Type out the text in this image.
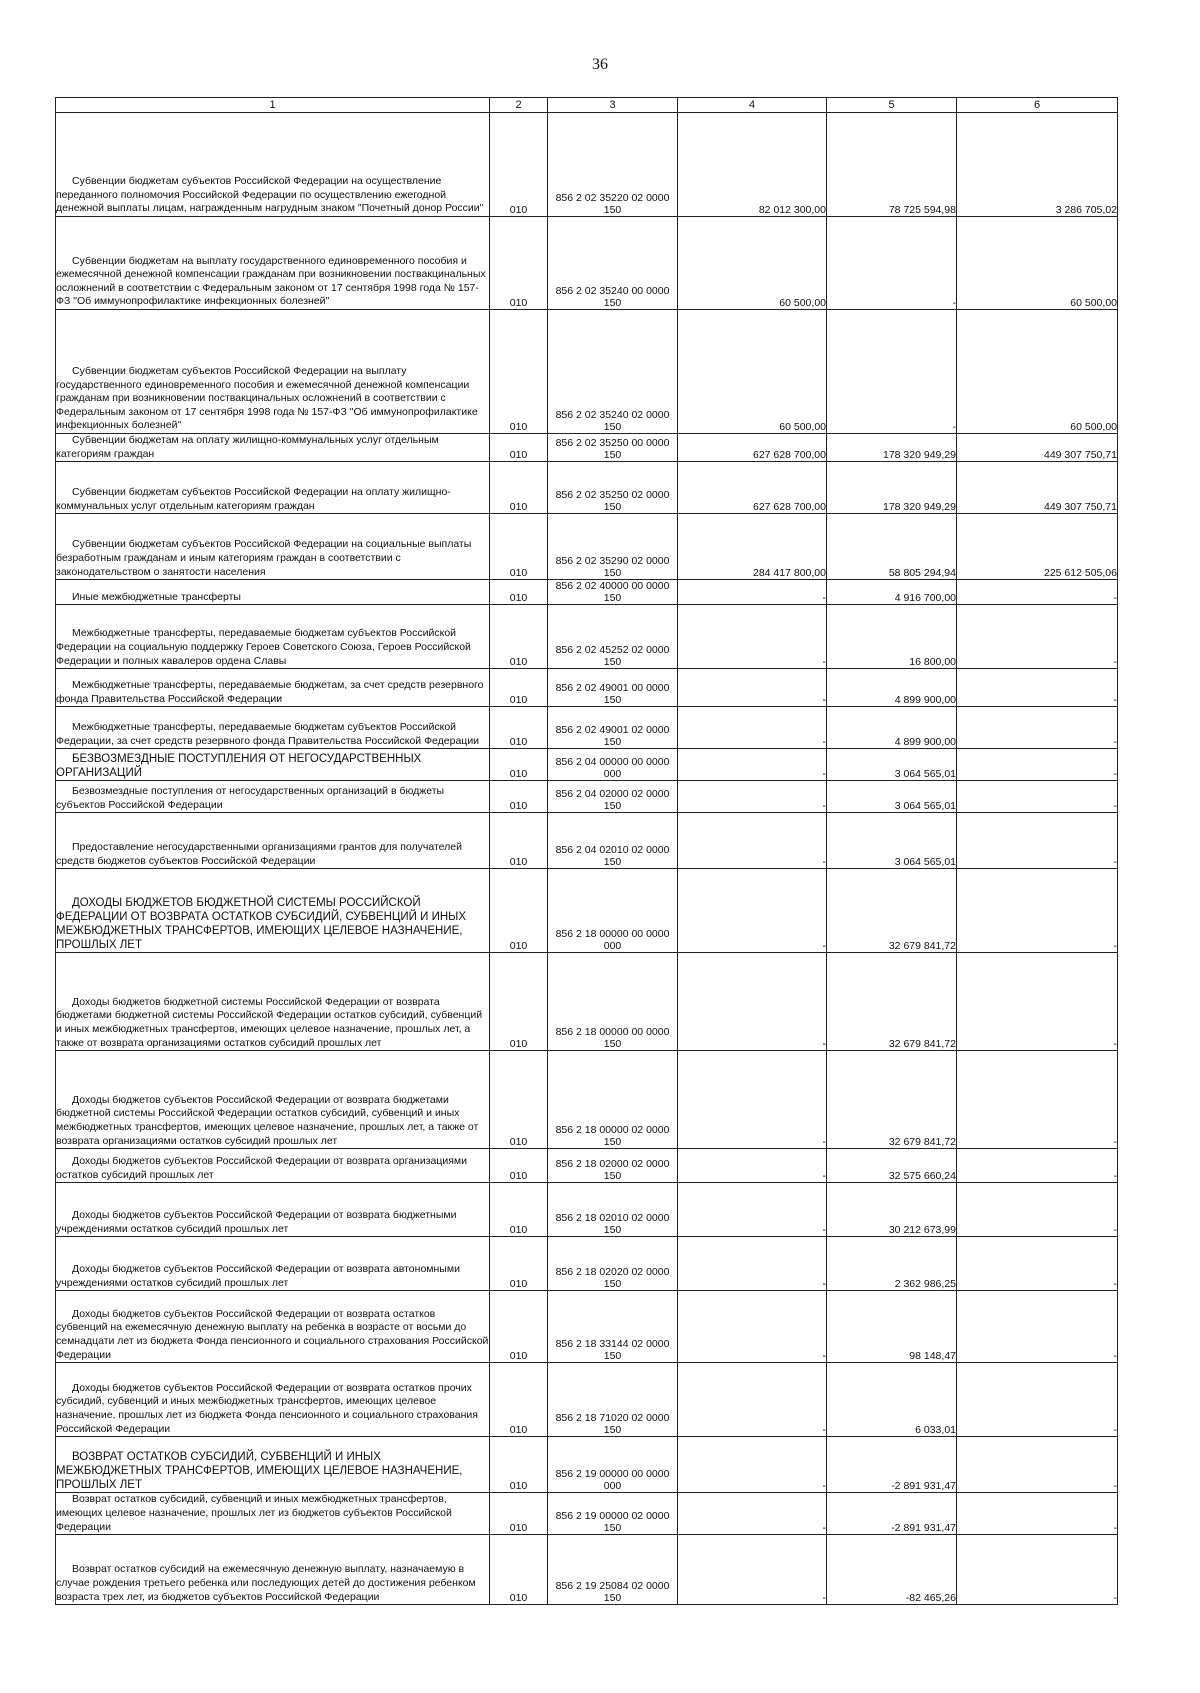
36
1	2	3	4	5	6
Субвенции бюджетам субъектов Российской Федерации на осуществление переданного полномочия Российской Федерации по осуществлению ежегодной денежной выплаты лицам, награжденным нагрудным знаком "Почетный донор России"	010	856 2 02 35220 02 0000 150	82 012 300,00	78 725 594,98	3 286 705,02
Субвенции бюджетам на выплату государственного единовременного пособия и ежемесячной денежной компенсации гражданам при возникновении поствакцинальных осложнений в соответствии с Федеральным законом от 17 сентября 1998 года № 157-ФЗ "Об иммунопрофилактике инфекционных болезней"	010	856 2 02 35240 00 0000 150	60 500,00	-	60 500,00
Субвенции бюджетам субъектов Российской Федерации на выплату государственного единовременного пособия и ежемесячной денежной компенсации гражданам при возникновении поствакцинальных осложнений в соответствии с Федеральным законом от 17 сентября 1998 года № 157-ФЗ "Об иммунопрофилактике инфекционных болезней"	010	856 2 02 35240 02 0000 150	60 500,00	-	60 500,00
Субвенции бюджетам на оплату жилищно-коммунальных услуг отдельным категориям граждан	010	856 2 02 35250 00 0000 150	627 628 700,00	178 320 949,29	449 307 750,71
Субвенции бюджетам субъектов Российской Федерации на оплату жилищно-коммунальных услуг отдельным категориям граждан	010	856 2 02 35250 02 0000 150	627 628 700,00	178 320 949,29	449 307 750,71
Субвенции бюджетам субъектов Российской Федерации на социальные выплаты безработным гражданам и иным категориям граждан в соответствии с законодательством о занятости населения	010	856 2 02 35290 02 0000 150	284 417 800,00	58 805 294,94	225 612 505,06
Иные межбюджетные трансферты	010	856 2 02 40000 00 0000 150	-	4 916 700,00	-
Межбюджетные трансферты, передаваемые бюджетам субъектов Российской Федерации на социальную поддержку Героев Советского Союза, Героев Российской Федерации и полных кавалеров ордена Славы	010	856 2 02 45252 02 0000 150	-	16 800,00	-
Межбюджетные трансферты, передаваемые бюджетам, за счет средств резервного фонда Правительства Российской Федерации	010	856 2 02 49001 00 0000 150	-	4 899 900,00	-
Межбюджетные трансферты, передаваемые бюджетам субъектов Российской Федерации, за счет средств резервного фонда Правительства Российской Федерации	010	856 2 02 49001 02 0000 150	-	4 899 900,00	-
БЕЗВОЗМЕЗДНЫЕ ПОСТУПЛЕНИЯ ОТ НЕГОСУДАРСТВЕННЫХ ОРГАНИЗАЦИЙ	010	856 2 04 00000 00 0000 000	-	3 064 565,01	-
Безвозмездные поступления от негосударственных организаций в бюджеты субъектов Российской Федерации	010	856 2 04 02000 02 0000 150	-	3 064 565,01	-
Предоставление негосударственными организациями грантов для получателей средств бюджетов субъектов Российской Федерации	010	856 2 04 02010 02 0000 150	-	3 064 565,01	-
ДОХОДЫ БЮДЖЕТОВ БЮДЖЕТНОЙ СИСТЕМЫ РОССИЙСКОЙ ФЕДЕРАЦИИ ОТ ВОЗВРАТА ОСТАТКОВ СУБСИДИЙ, СУБВЕНЦИЙ И ИНЫХ МЕЖБЮДЖЕТНЫХ ТРАНСФЕРТОВ, ИМЕЮЩИХ ЦЕЛЕВОЕ НАЗНАЧЕНИЕ, ПРОШЛЫХ ЛЕТ	010	856 2 18 00000 00 0000 000	-	32 679 841,72	-
Доходы бюджетов бюджетной системы Российской Федерации от возврата бюджетами бюджетной системы Российской Федерации остатков субсидий, субвенций и иных межбюджетных трансфертов, имеющих целевое назначение, прошлых лет, а также от возврата организациями остатков субсидий прошлых лет	010	856 2 18 00000 00 0000 150	-	32 679 841,72	-
Доходы бюджетов субъектов Российской Федерации от возврата бюджетами бюджетной системы Российской Федерации остатков субсидий, субвенций и иных межбюджетных трансфертов, имеющих целевое назначение, прошлых лет, а также от возврата организациями остатков субсидий прошлых лет	010	856 2 18 00000 02 0000 150	-	32 679 841,72	-
Доходы бюджетов субъектов Российской Федерации от возврата организациями остатков субсидий прошлых лет	010	856 2 18 02000 02 0000 150	-	32 575 660,24	-
Доходы бюджетов субъектов Российской Федерации от возврата бюджетными учреждениями остатков субсидий прошлых лет	010	856 2 18 02010 02 0000 150	-	30 212 673,99	-
Доходы бюджетов субъектов Российской Федерации от возврата автономными учреждениями остатков субсидий прошлых лет	010	856 2 18 02020 02 0000 150	-	2 362 986,25	-
Доходы бюджетов субъектов Российской Федерации от возврата остатков субвенций на ежемесячную денежную выплату на ребенка в возрасте от восьми до семнадцати лет из бюджета Фонда пенсионного и социального страхования Российской Федерации	010	856 2 18 33144 02 0000 150	-	98 148,47	-
Доходы бюджетов субъектов Российской Федерации от возврата остатков прочих субсидий, субвенций и иных межбюджетных трансфертов, имеющих целевое назначение, прошлых лет из бюджета Фонда пенсионного и социального страхования Российской Федерации	010	856 2 18 71020 02 0000 150	-	6 033,01	-
ВОЗВРАТ ОСТАТКОВ СУБСИДИЙ, СУБВЕНЦИЙ И ИНЫХ МЕЖБЮДЖЕТНЫХ ТРАНСФЕРТОВ, ИМЕЮЩИХ ЦЕЛЕВОЕ НАЗНАЧЕНИЕ, ПРОШЛЫХ ЛЕТ	010	856 2 19 00000 00 0000 000	-	-2 891 931,47	-
Возврат остатков субсидий, субвенций и иных межбюджетных трансфертов, имеющих целевое назначение, прошлых лет из бюджетов субъектов Российской Федерации	010	856 2 19 00000 02 0000 150	-	-2 891 931,47	-
Возврат остатков субсидий на ежемесячную денежную выплату, назначаемую в случае рождения третьего ребенка или последующих детей до достижения ребенком возраста трех лет, из бюджетов субъектов Российской Федерации	010	856 2 19 25084 02 0000 150	-	-82 465,26	-
